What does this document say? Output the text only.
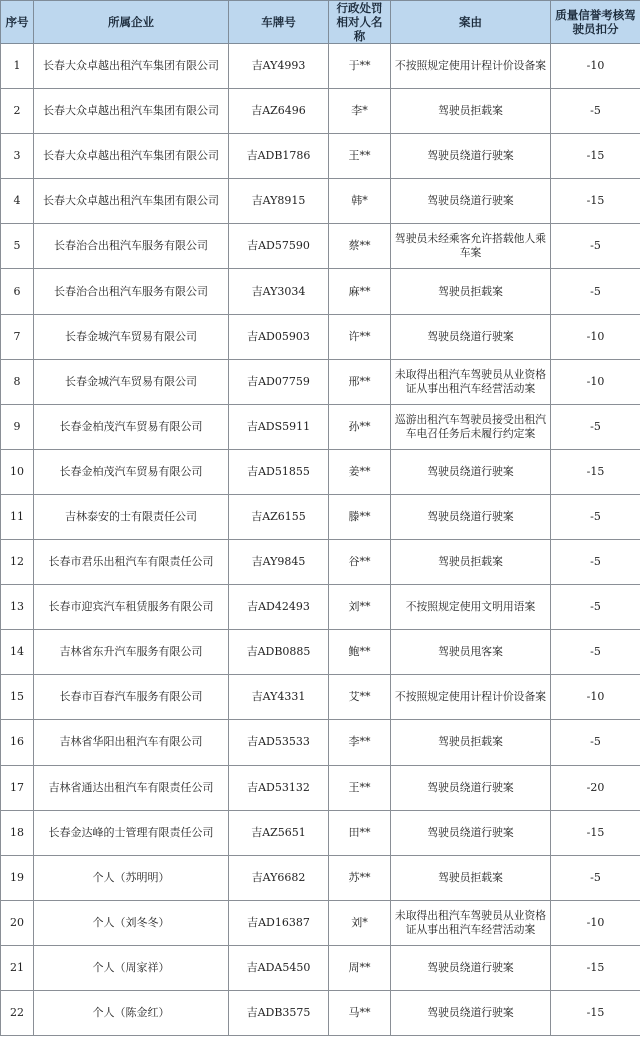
序号	所属企业	车牌号	行政处罚相对人名称	案由	质量信誉考核驾驶员扣分
1	长春大众卓越出租汽车集团有限公司	吉AY4993	于**	不按照规定使用计程计价设备案	-10
2	长春大众卓越出租汽车集团有限公司	吉AZ6496	李*	驾驶员拒载案	-5
3	长春大众卓越出租汽车集团有限公司	吉ADB1786	王**	驾驶员绕道行驶案	-15
4	长春大众卓越出租汽车集团有限公司	吉AY8915	韩*	驾驶员绕道行驶案	-15
5	长春治合出租汽车服务有限公司	吉AD57590	蔡**	驾驶员未经乘客允许搭载他人乘车案	-5
6	长春治合出租汽车服务有限公司	吉AY3034	麻**	驾驶员拒载案	-5
7	长春金城汽车贸易有限公司	吉AD05903	许**	驾驶员绕道行驶案	-10
8	长春金城汽车贸易有限公司	吉AD07759	邢**	未取得出租汽车驾驶员从业资格证从事出租汽车经营活动案	-10
9	长春金柏茂汽车贸易有限公司	吉ADS5911	孙**	巡游出租汽车驾驶员接受出租汽车电召任务后未履行约定案	-5
10	长春金柏茂汽车贸易有限公司	吉AD51855	姜**	驾驶员绕道行驶案	-15
11	吉林泰安的士有限责任公司	吉AZ6155	滕**	驾驶员绕道行驶案	-5
12	长春市君乐出租汽车有限责任公司	吉AY9845	谷**	驾驶员拒载案	-5
13	长春市迎宾汽车租赁服务有限公司	吉AD42493	刘**	不按照规定使用文明用语案	-5
14	吉林省东升汽车服务有限公司	吉ADB0885	鲍**	驾驶员甩客案	-5
15	长春市百春汽车服务有限公司	吉AY4331	艾**	不按照规定使用计程计价设备案	-10
16	吉林省华阳出租汽车有限公司	吉AD53533	李**	驾驶员拒载案	-5
17	吉林省通达出租汽车有限责任公司	吉AD53132	王**	驾驶员绕道行驶案	-20
18	长春金达峰的士管理有限责任公司	吉AZ5651	田**	驾驶员绕道行驶案	-15
19	个人（苏明明）	吉AY6682	苏**	驾驶员拒载案	-5
20	个人（刘冬冬）	吉AD16387	刘*	未取得出租汽车驾驶员从业资格证从事出租汽车经营活动案	-10
21	个人（周家祥）	吉ADA5450	周**	驾驶员绕道行驶案	-15
22	个人（陈金红）	吉ADB3575	马**	驾驶员绕道行驶案	-15
